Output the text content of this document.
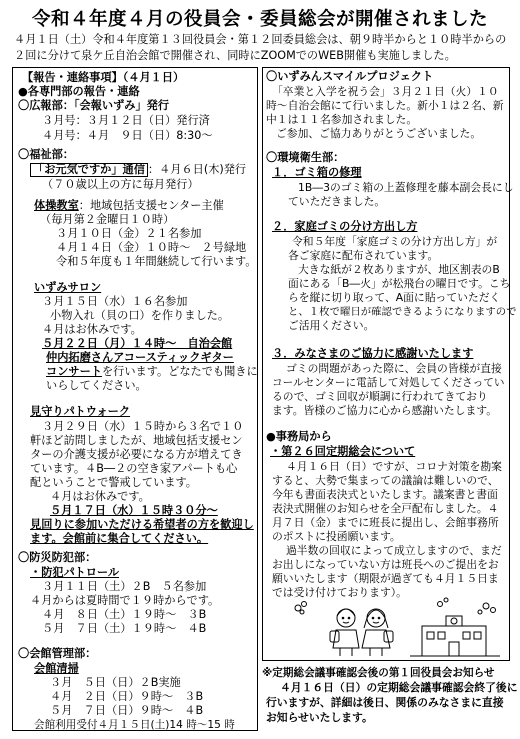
令和４年度４月の役員会・委員総会が開催されました
４月１日（土）令和４年度第１３回役員会・第１２回委員総会は、朝９時半からと１０時半からの
２回に分けて泉ケ丘自治会館で開催され、同時にZOOMでのWEB開催も実施しました。
【報告・連絡事項】（４月１日）
●各専門部の報告・連絡
〇広報部：「会報いずみ」発行
３月号：３月１２日（日）発行済
４月号：４月　９日（日）8:30～
〇福祉部：
「お元気ですか」通信 ：４月６日(木)発行
（７０歳以上の方に毎月発行）
体操教室：地域包括支援センター主催
（毎月第２金曜日１０時）
３月１０日（金）２１名参加
４月１４日（金）１０時～　２号緑地
令和５年度も１年間継続して行います。
いずみサロン
３月１５日（水）１６名参加
小物入れ（貝の口）を作りました。
４月はお休みです。
５月２２日（月）１４時～　自治会館
仲内拓磨さんアコースティックギター
コンサートを行います。どなたでも聞きに
いらしてください。
見守りパトウォーク
３月２９日（水）１５時から３名で１０
軒ほど訪問しましたが、地域包括支援セン
ターの介護支援が必要になる方が増えてき
ています。４B―２の空き家アパートも心
配ということで警戒しています。
４月はお休みです。
５月１７日（水）１５時３０分～
見回りに参加いただける希望者の方を歓迎し
ます。会館前に集合してください。
〇防災防犯部：
・防犯パトロール
３月１１日（土）２B　５名参加
４月からは夏時間で１９時からです。
４月　８日（土）１９時～　３B
５月　７日（土）１９時～　４B
〇会館管理部：
会館清掃
３月　５日（日）２B実施
４月　２日（日）９時～　３B
５月　７日（日）９時～　４B
会館利用受付４月１５日(土)14 時～15 時
〇いずみんスマイルプロジェクト
「卒業と入学を祝う会」３月２１日（火）１０
時～自治会館にて行いました。新小１は２名、新
中１は１１名参加されました。
ご参加、ご協力ありがとうございました。
〇環境衛生部：
１．ゴミ箱の修理
1B―3のゴミ箱の上蓋修理を藤本副会長にし
ていただきました。
２．家庭ゴミの分け方出し方
令和５年度「家庭ゴミの分け方出し方」が
各ご家庭に配布されています。
大きな紙が２枚ありますが、地区割表のB
面にある「B―火」が松飛台の曜日です。こち
らを縦に切り取って、A面に貼っていただく
と、１枚で曜日が確認できるようになりますので
ご活用ください。
３．みなさまのご協力に感謝いたします
ゴミの問題があった際に、会員の皆様が直接
コールセンターに電話して対処してくださってい
るので、ゴミ回収が順調に行われてきており
ます。皆様のご協力に心から感謝いたします。
●事務局から
・第２６回定期総会について
４月１６日（日）ですが、コロナ対策を勘案
すると、大勢で集まっての議論は難しいので、
今年も書面表決式といたします。議案書と書面
表決式開催のお知らせを全戸配布しました。４
月７日（金）までに班長に提出し、会館事務所
のポストに投函願います。
過半数の回収によって成立しますので、まだ
お出しになっていない方は班長へのご提出をお
願いいたします（期限が過ぎても４月１５日ま
では受け付けております）。
※定期総会議事確認会後の第１回役員会お知らせ
４月１６日（日）の定期総会議事確認会終了後に
行いますが、詳細は後日、関係のみなさまに直接
お知らせいたします。
